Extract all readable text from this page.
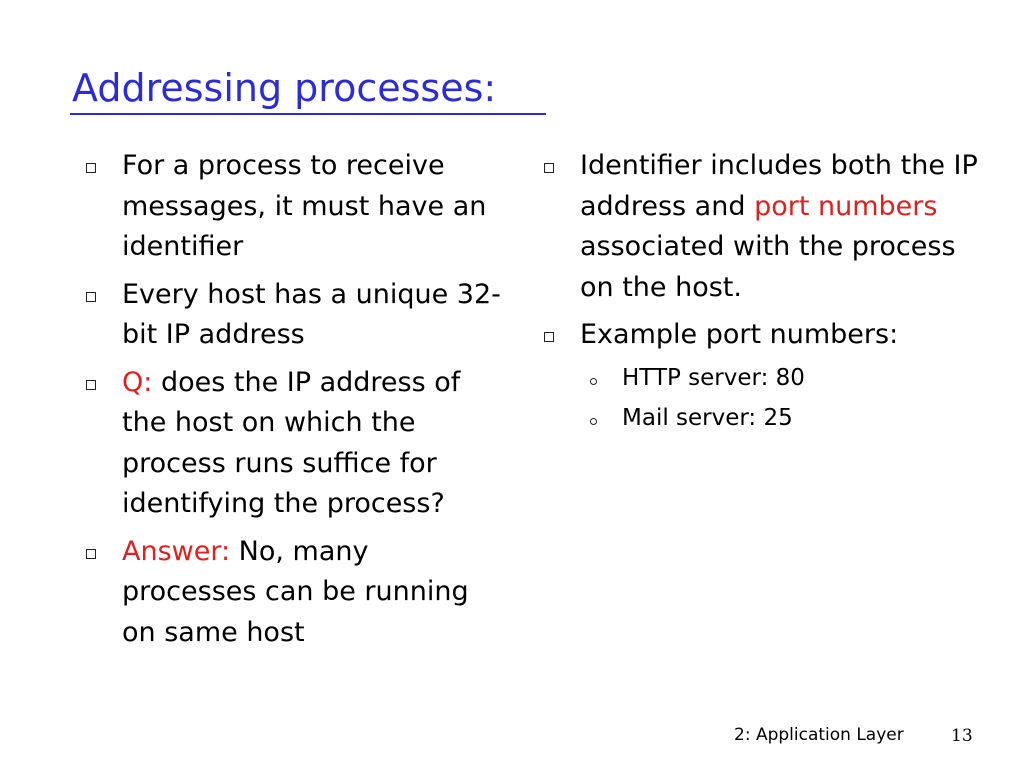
Addressing processes:
For a process to receive messages, it must have an identifier
Every host has a unique 32-bit IP address
Q: does the IP address of the host on which the process runs suffice for identifying the process?
Answer: No, many processes can be running on same host
Identifier includes both the IP address and port numbers associated with the process on the host.
Example port numbers:
HTTP server: 80
Mail server: 25
2: Application Layer	13
